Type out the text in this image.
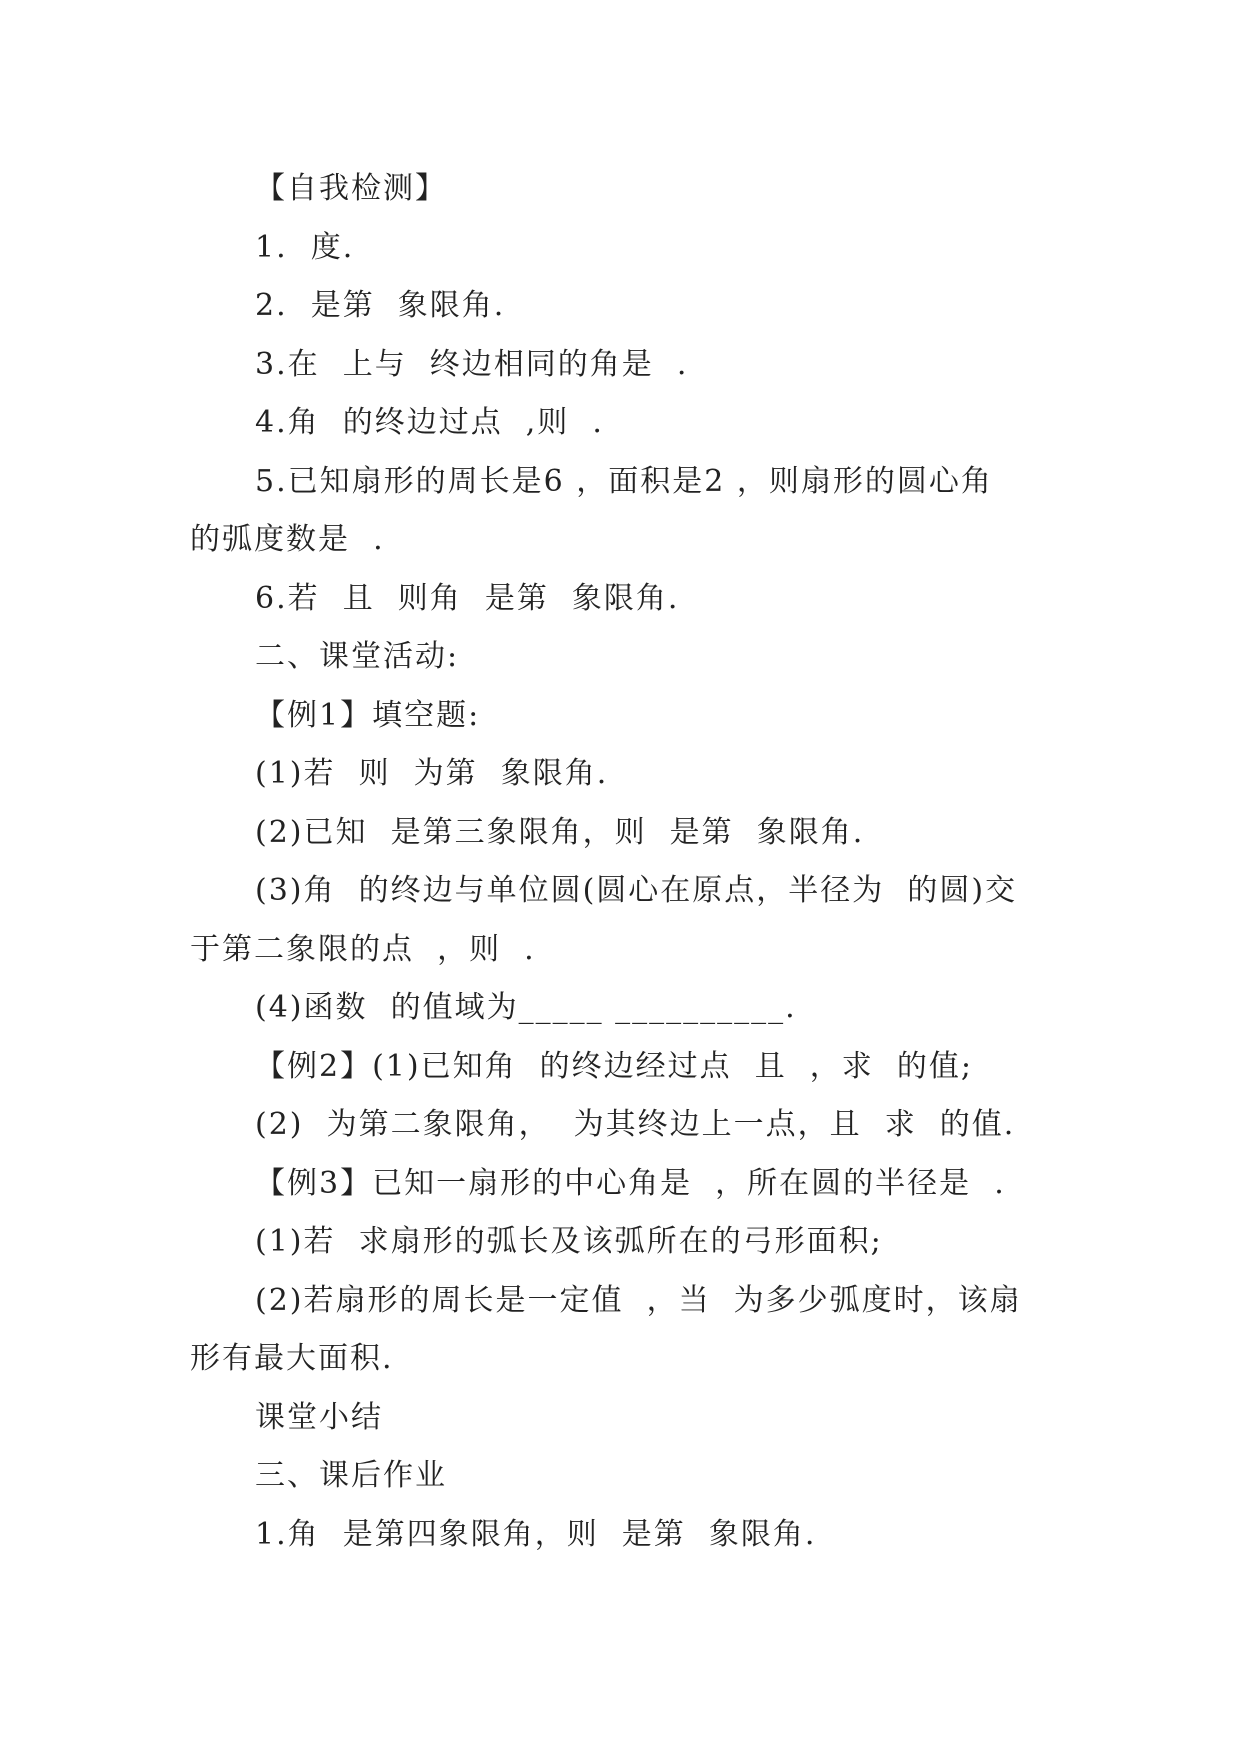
【自我检测】
1.  度.
2.  是第  象限角.
3.在  上与  终边相同的角是  .
4.角  的终边过点  ,则  .
5.已知扇形的周长是6 ，面积是2 ，则扇形的圆心角
的弧度数是  .
6.若  且  则角  是第  象限角.
二、课堂活动:
【例1】填空题:
(1)若  则  为第  象限角.
(2)已知  是第三象限角，则  是第  象限角.
(3)角  的终边与单位圆(圆心在原点，半径为  的圆)交
于第二象限的点  ，则  .
(4)函数  的值域为_____ __________.
【例2】(1)已知角  的终边经过点  且  ，求  的值;
(2)  为第二象限角，  为其终边上一点，且  求  的值.
【例3】已知一扇形的中心角是  ，所在圆的半径是  .
(1)若  求扇形的弧长及该弧所在的弓形面积;
(2)若扇形的周长是一定值  ，当  为多少弧度时，该扇
形有最大面积.
课堂小结
三、课后作业
1.角  是第四象限角，则  是第  象限角.
